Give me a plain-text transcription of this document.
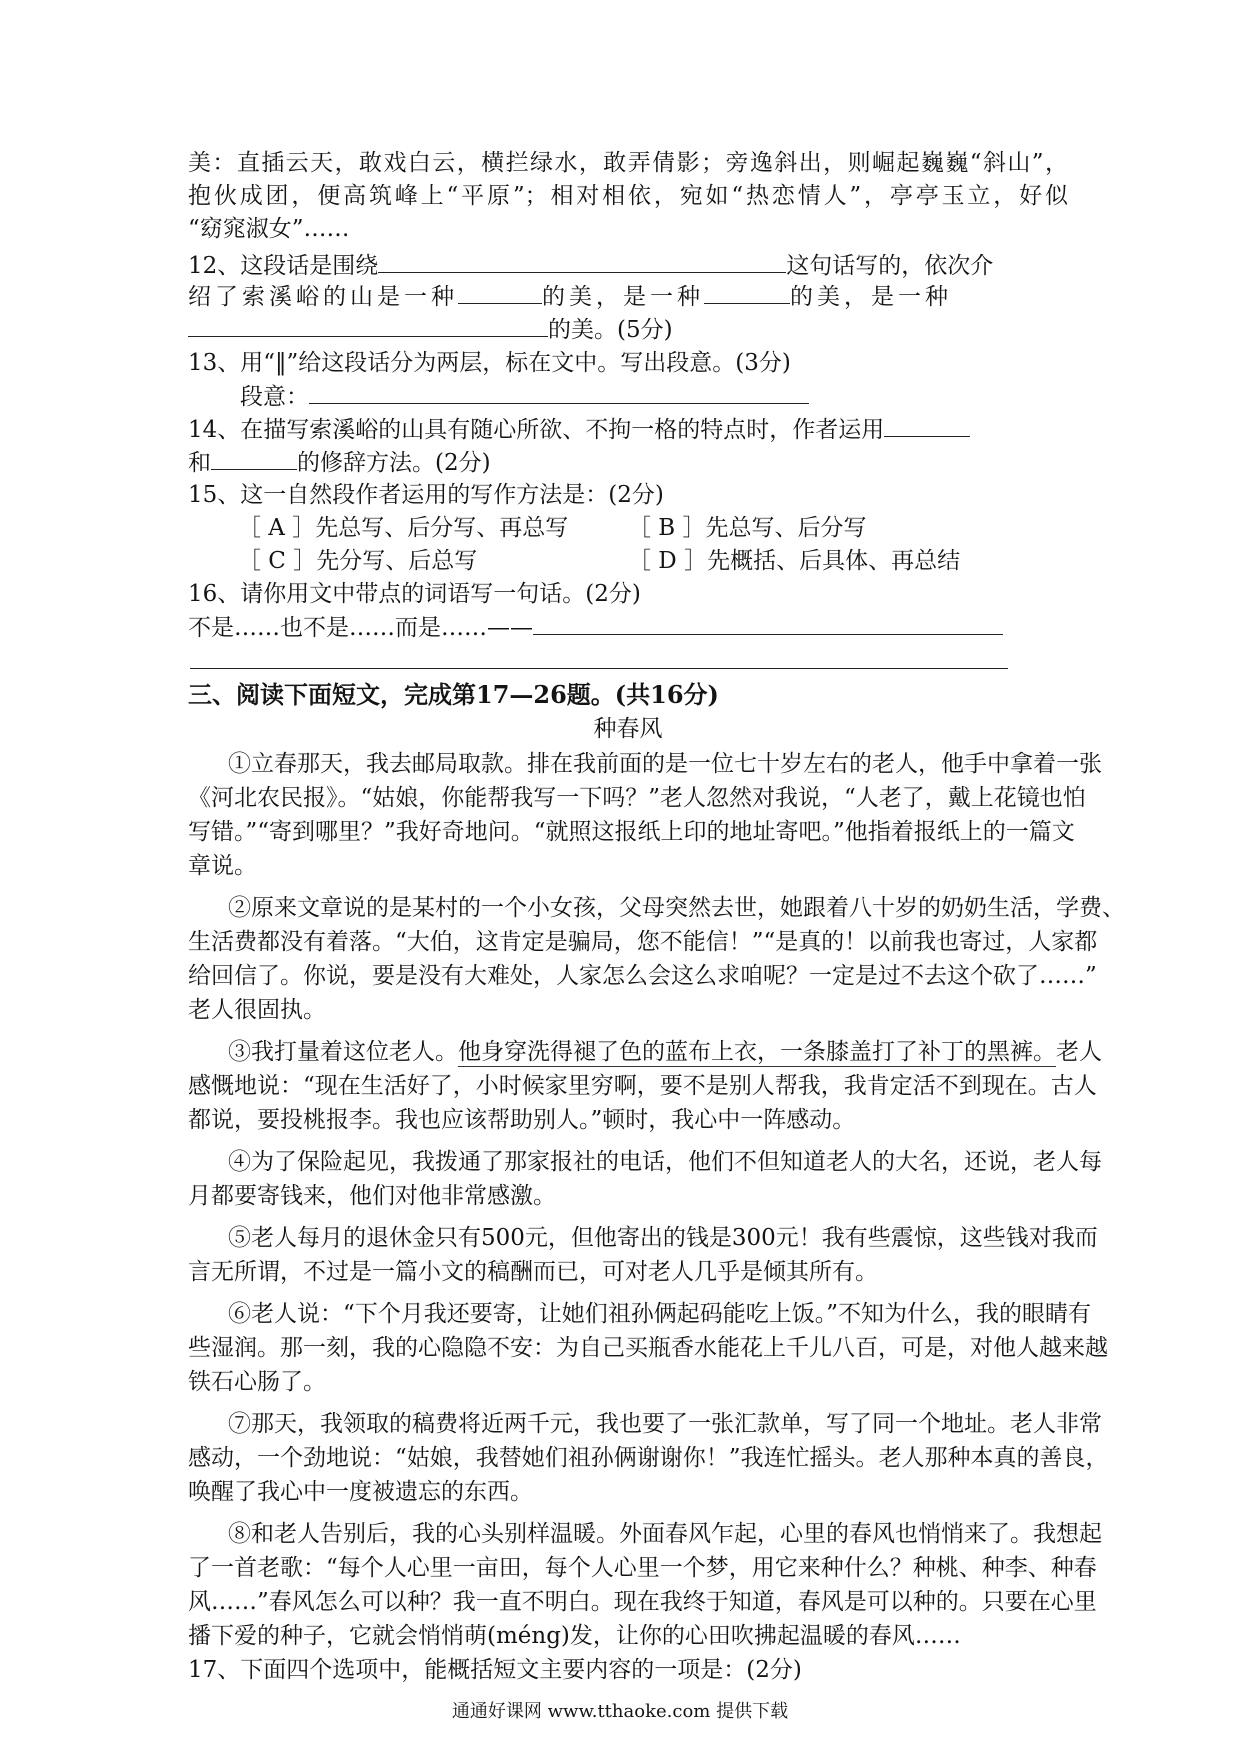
美：直插云天，敢戏白云，横拦绿水，敢弄倩影；旁逸斜出，则崛起巍巍“斜山”，
抱伙成团，便高筑峰上“平原”；相对相依，宛如“热恋情人”，亭亭玉立，好似
“窈窕淑女”……
12、这段话是围绕	这句话写的，依次介
绍了索溪峪的山是一种	的美，是一种	的美，是一种
的美。(5分)
13、用“‖”给这段话分为两层，标在文中。写出段意。(3分)
段意：
14、在描写索溪峪的山具有随心所欲、不拘一格的特点时，作者运用
和	的修辞方法。(2分)
15、这一自然段作者运用的写作方法是：(2分)
［ A ］先总写、后分写、再总写	［ B ］先总写、后分写
［ C ］先分写、后总写	［ D ］先概括、后具体、再总结
16、请你用文中带点的词语写一句话。(2分)
不是……也不是……而是……——
三、阅读下面短文，完成第17—26题。(共16分)
种春风
①立春那天，我去邮局取款。排在我前面的是一位七十岁左右的老人，他手中拿着一张
《河北农民报》。“姑娘，你能帮我写一下吗？”老人忽然对我说，“人老了，戴上花镜也怕
写错。”“寄到哪里？”我好奇地问。“就照这报纸上印的地址寄吧。”他指着报纸上的一篇文
章说。
②原来文章说的是某村的一个小女孩，父母突然去世，她跟着八十岁的奶奶生活，学费、
生活费都没有着落。“大伯，这肯定是骗局，您不能信！”“是真的！以前我也寄过，人家都
给回信了。你说，要是没有大难处，人家怎么会这么求咱呢？一定是过不去这个砍了……”
老人很固执。
③我打量着这位老人。他身穿洗得褪了色的蓝布上衣，一条膝盖打了补丁的黑裤。老人
感慨地说：“现在生活好了，小时候家里穷啊，要不是别人帮我，我肯定活不到现在。古人
都说，要投桃报李。我也应该帮助别人。”顿时，我心中一阵感动。
④为了保险起见，我拨通了那家报社的电话，他们不但知道老人的大名，还说，老人每
月都要寄钱来，他们对他非常感激。
⑤老人每月的退休金只有500元，但他寄出的钱是300元！我有些震惊，这些钱对我而
言无所谓，不过是一篇小文的稿酬而已，可对老人几乎是倾其所有。
⑥老人说：“下个月我还要寄，让她们祖孙俩起码能吃上饭。”不知为什么，我的眼睛有
些湿润。那一刻，我的心隐隐不安：为自己买瓶香水能花上千儿八百，可是，对他人越来越
铁石心肠了。
⑦那天，我领取的稿费将近两千元，我也要了一张汇款单，写了同一个地址。老人非常
感动，一个劲地说：“姑娘，我替她们祖孙俩谢谢你！”我连忙摇头。老人那种本真的善良，
唤醒了我心中一度被遗忘的东西。
⑧和老人告别后，我的心头别样温暖。外面春风乍起，心里的春风也悄悄来了。我想起
了一首老歌：“每个人心里一亩田，每个人心里一个梦，用它来种什么？种桃、种李、种春
风……”春风怎么可以种？我一直不明白。现在我终于知道，春风是可以种的。只要在心里
播下爱的种子，它就会悄悄萌(méng)发，让你的心田吹拂起温暖的春风……
17、下面四个选项中，能概括短文主要内容的一项是：(2分)
通通好课网 www.tthaoke.com 提供下载
